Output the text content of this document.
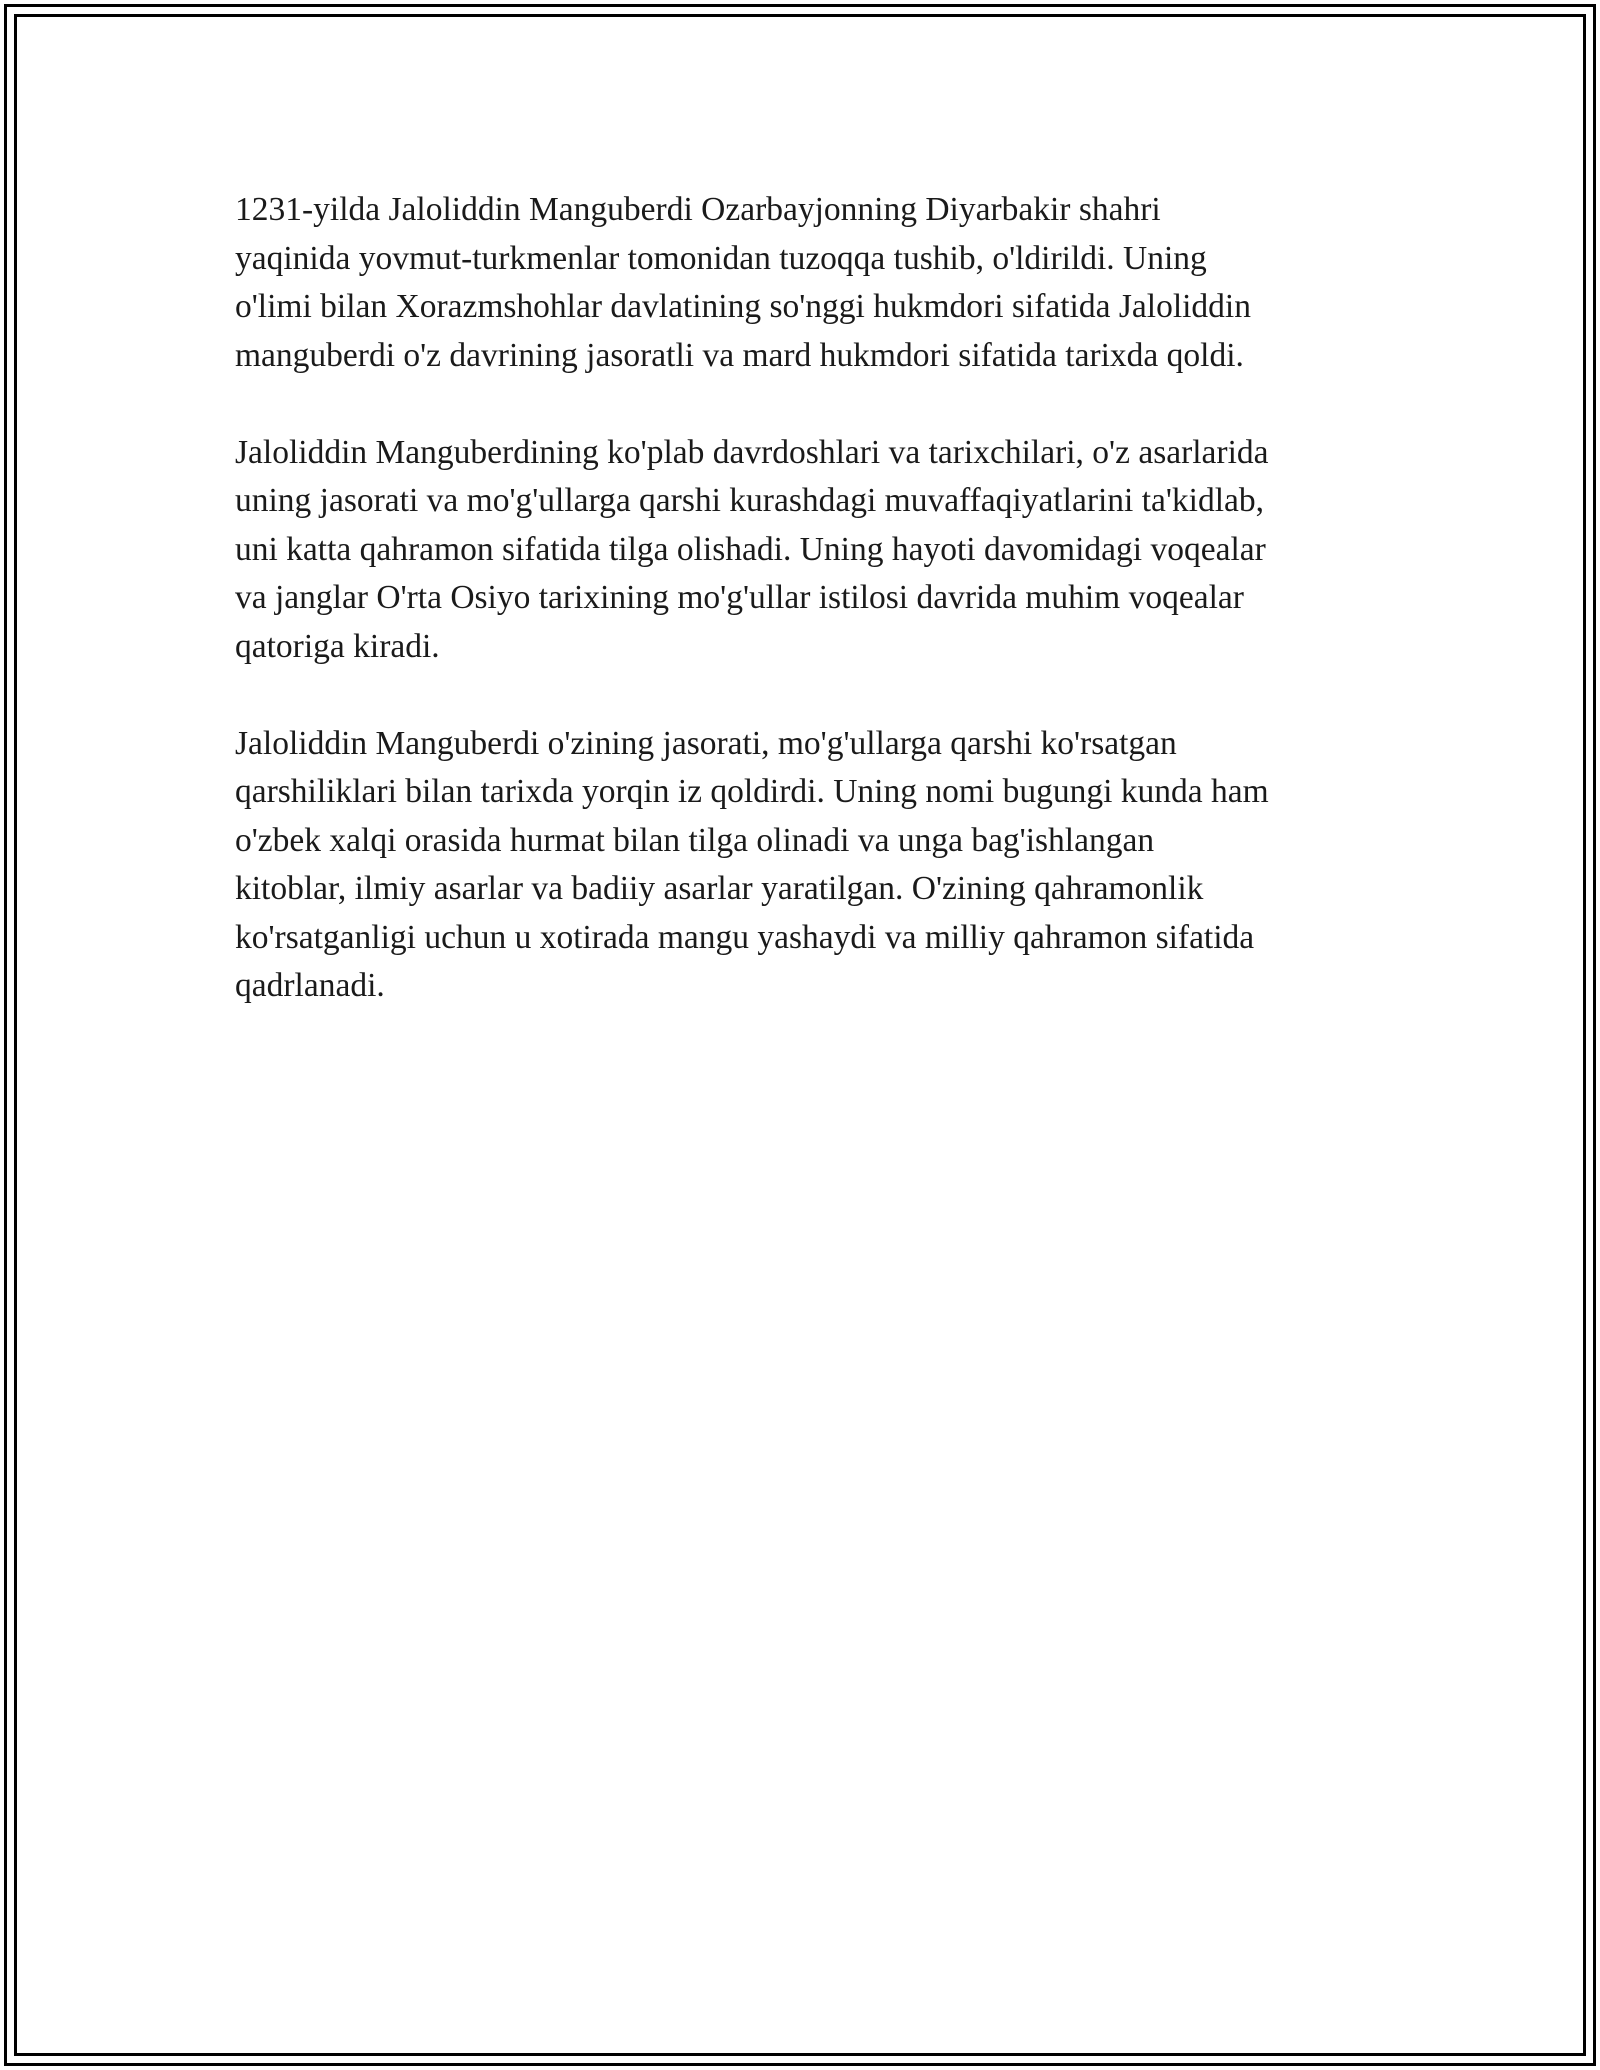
1231-yilda Jaloliddin Manguberdi Ozarbayjonning Diyarbakir shahri
yaqinida yovmut-turkmenlar tomonidan tuzoqqa tushib, o'ldirildi. Uning
o'limi bilan Xorazmshohlar davlatining so'nggi hukmdori sifatida Jaloliddin
manguberdi o'z davrining jasoratli va mard hukmdori sifatida tarixda qoldi.

Jaloliddin Manguberdining ko'plab davrdoshlari va tarixchilari, o'z asarlarida
uning jasorati va mo'g'ullarga qarshi kurashdagi muvaffaqiyatlarini ta'kidlab,
uni katta qahramon sifatida tilga olishadi. Uning hayoti davomidagi voqealar
va janglar O'rta Osiyo tarixining mo'g'ullar istilosi davrida muhim voqealar
qatoriga kiradi.

Jaloliddin Manguberdi o'zining jasorati, mo'g'ullarga qarshi ko'rsatgan
qarshiliklari bilan tarixda yorqin iz qoldirdi. Uning nomi bugungi kunda ham
o'zbek xalqi orasida hurmat bilan tilga olinadi va unga bag'ishlangan
kitoblar, ilmiy asarlar va badiiy asarlar yaratilgan. O'zining qahramonlik
ko'rsatganligi uchun u xotirada mangu yashaydi va milliy qahramon sifatida
qadrlanadi.
